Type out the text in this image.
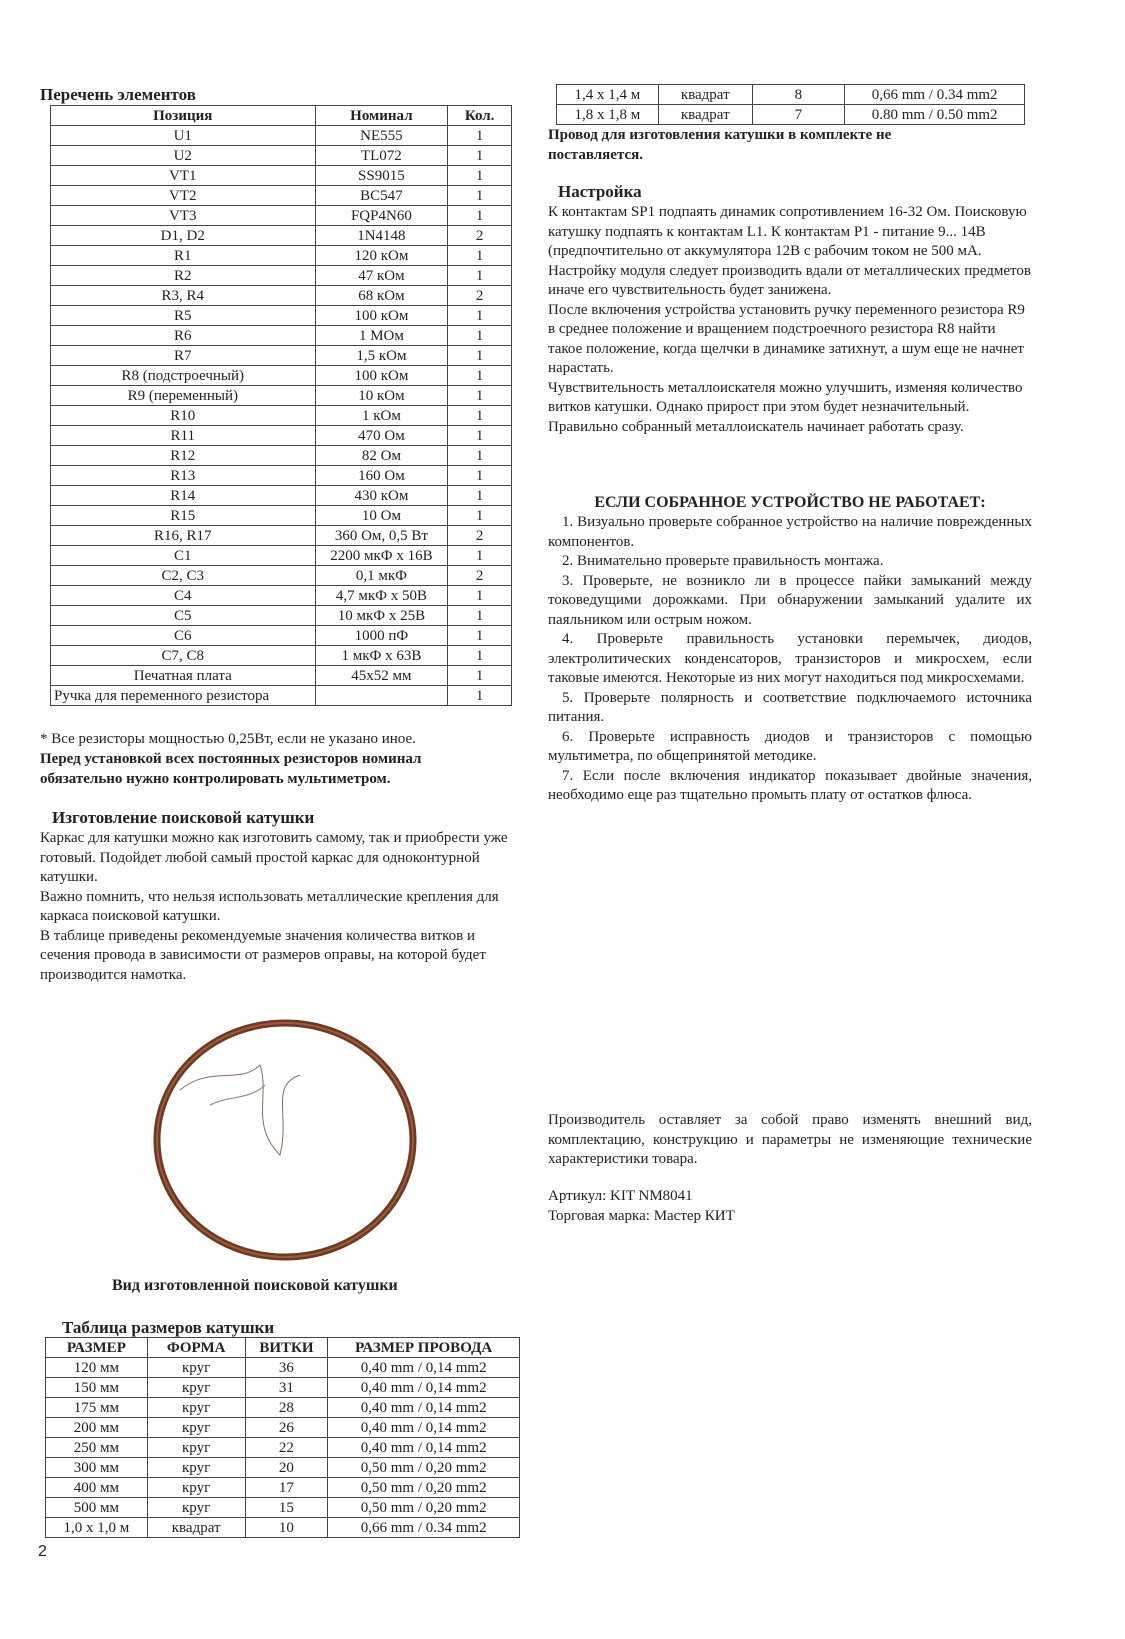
Перечень элементов
Позиция	Номинал	Кол.
U1	NE555	1
U2	TL072	1
VT1	SS9015	1
VT2	BC547	1
VT3	FQP4N60	1
D1, D2	1N4148	2
R1	120 кОм	1
R2	47 кОм	1
R3, R4	68 кОм	2
R5	100 кОм	1
R6	1 МОм	1
R7	1,5 кОм	1
R8 (подстроечный)	100 кОм	1
R9 (переменный)	10 кОм	1
R10	1 кОм	1
R11	470 Ом	1
R12	82 Ом	1
R13	160 Ом	1
R14	430 кОм	1
R15	10 Ом	1
R16, R17	360 Ом, 0,5 Вт	2
C1	2200 мкФ х 16В	1
C2, C3	0,1 мкФ	2
C4	4,7 мкФ х 50В	1
C5	10 мкФ х 25В	1
C6	1000 пФ	1
C7, C8	1 мкФ х 63В	1
Печатная плата	45х52 мм	1
Ручка для переменного резистора		1

* Все резисторы мощностью 0,25Вт, если не указано иное.

Перед установкой всех постоянных резисторов номинал обязательно нужно контролировать мультиметром.

Изготовление поисковой катушки

Каркас для катушки можно как изготовить самому, так и приобрести уже готовый. Подойдет любой самый простой каркас для одноконтурной катушки.

Важно помнить, что нельзя использовать металлические крепления для каркаса поисковой катушки.

В таблице приведены рекомендуемые значения количества витков и сечения провода в зависимости от размеров оправы, на которой будет производится намотка.

Вид изготовленной поисковой катушки

Таблица размеров катушки
РАЗМЕР	ФОРМА	ВИТКИ	РАЗМЕР ПРОВОДА
120 мм	круг	36	0,40 mm / 0,14 mm2
150 мм	круг	31	0,40 mm / 0,14 mm2
175 мм	круг	28	0,40 mm / 0,14 mm2
200 мм	круг	26	0,40 mm / 0,14 mm2
250 мм	круг	22	0,40 mm / 0,14 mm2
300 мм	круг	20	0,50 mm / 0,20 mm2
400 мм	круг	17	0,50 mm / 0,20 mm2
500 мм	круг	15	0,50 mm / 0,20 mm2
1,0 х 1,0 м	квадрат	10	0,66 mm / 0.34 mm2
2
1,4 х 1,4 м	квадрат	8	0,66 mm / 0.34 mm2
1,8 х 1,8 м	квадрат	7	0.80 mm / 0.50 mm2

Провод для изготовления катушки в комплекте не поставляется.

Настройка

К контактам SP1 подпаять динамик сопротивлением 16-32 Ом. Поисковую катушку подпаять к контактам L1. К контактам P1 - питание 9... 14В (предпочтительно от аккумулятора 12В с рабочим током не 500 мА.

Настройку модуля следует производить вдали от металлических предметов иначе его чувствительность будет занижена.

После включения устройства установить ручку переменного резистора R9 в среднее положение и вращением подстроечного резистора R8 найти такое положение, когда щелчки в динамике затихнут, а шум еще не начнет нарастать.

Чувствительность металлоискателя можно улучшить, изменяя количество витков катушки. Однако прирост при этом будет незначительный. Правильно собранный металлоискатель начинает работать сразу.

ЕСЛИ СОБРАННОЕ УСТРОЙСТВО НЕ РАБОТАЕТ:

1. Визуально проверьте собранное устройство на наличие поврежденных компонентов.

2. Внимательно проверьте правильность монтажа.

3. Проверьте, не возникло ли в процессе пайки замыканий между токоведущими дорожками. При обнаружении замыканий удалите их паяльником или острым ножом.

4. Проверьте правильность установки перемычек, диодов, электролитических конденсаторов, транзисторов и микросхем, если таковые имеются. Некоторые из них могут находиться под микросхемами.

5. Проверьте полярность и соответствие подключаемого источника питания.

6. Проверьте исправность диодов и транзисторов с помощью мультиметра, по общепринятой методике.

7. Если после включения индикатор показывает двойные значения, необходимо еще раз тщательно промыть плату от остатков флюса.

Производитель оставляет за собой право изменять внешний вид, комплектацию, конструкцию и параметры не изменяющие технические характеристики товара.

Артикул: KIT NM8041

Торговая марка: Мастер КИТ
